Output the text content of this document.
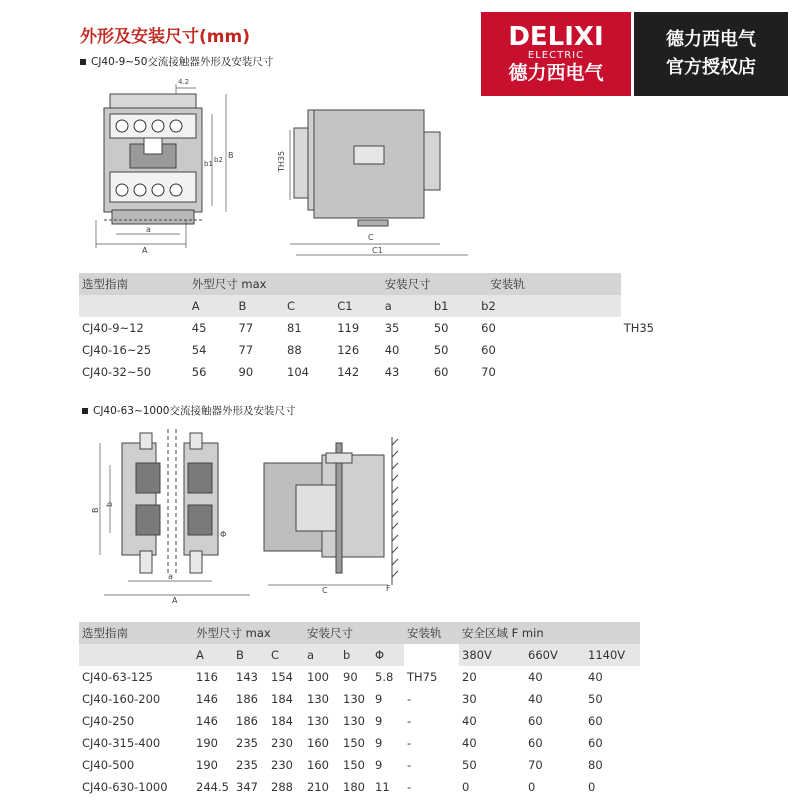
外形及安装尺寸(mm)
CJ40-9~50交流接触器外形及安装尺寸
DELIXI
ELECTRIC
德力西电气
德力西电气
官方授权店
4.2
a
A
b1 b2 B	TH35
C
C1
选型指南	外型尺寸 max				安装尺寸			安装轨	
	A	B	C	C1	a	b1	b2		
CJ40-9~12	45	77	81	119	35	50	60		TH35
CJ40-16~25	54	77	88	126	40	50	60		
CJ40-32~50	56	90	104	142	43	60	70		
CJ40-63~1000交流接触器外形及安装尺寸
B
b
Φ
a
A
C	F
选型指南	外型尺寸 max			安装尺寸			安装轨	安全区域 F min		
	A	B	C	a	b	Φ		380V	660V	1140V
CJ40-63-125	116	143	154	100	90	5.8	TH75	20	40	40
CJ40-160-200	146	186	184	130	130	9	-	30	40	50
CJ40-250	146	186	184	130	130	9	-	40	60	60
CJ40-315-400	190	235	230	160	150	9	-	40	60	60
CJ40-500	190	235	230	160	150	9	-	50	70	80
CJ40-630-1000	244.5	347	288	210	180	11	-	0	0	0
